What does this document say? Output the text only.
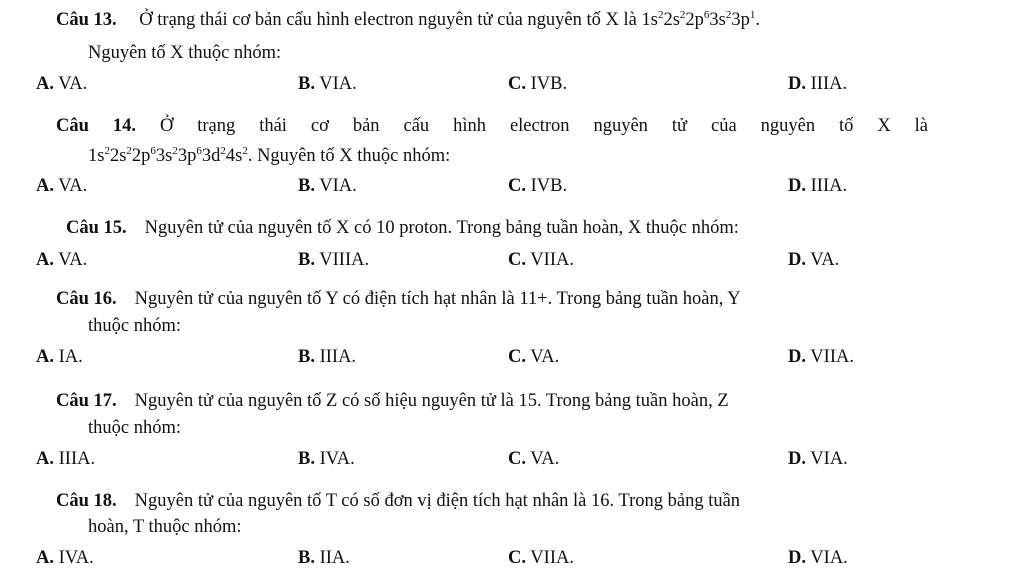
Câu 13. Ở trạng thái cơ bản cấu hình electron nguyên tử của nguyên tố X là $1s^22s^22p^63s^23p^1$.
Nguyên tố X thuộc nhóm:
A. VA.	B. VIA.	C. IVB.	D. IIIA.
Câu 14. Ở trạng thái cơ bản cấu hình electron nguyên tử của nguyên tố X là
$1s^22s^22p^63s^23p^63d^24s^2$. Nguyên tố X thuộc nhóm:
A. VA.	B. VIA.	C. IVB.	D. IIIA.
Câu 15. Nguyên tử của nguyên tố X có 10 proton. Trong bảng tuần hoàn, X thuộc nhóm:
A. VA.	B. VIIIA.	C. VIIA.	D. VA.
Câu 16. Nguyên tử của nguyên tố Y có điện tích hạt nhân là 11+. Trong bảng tuần hoàn, Y
thuộc nhóm:
A. IA.	B. IIIA.	C. VA.	D. VIIA.
Câu 17. Nguyên tử của nguyên tố Z có số hiệu nguyên tử là 15. Trong bảng tuần hoàn, Z
thuộc nhóm:
A. IIIA.	B. IVA.	C. VA.	D. VIA.
Câu 18. Nguyên tử của nguyên tố T có số đơn vị điện tích hạt nhân là 16. Trong bảng tuần
hoàn, T thuộc nhóm:
A. IVA.	B. IIA.	C. VIIA.	D. VIA.
